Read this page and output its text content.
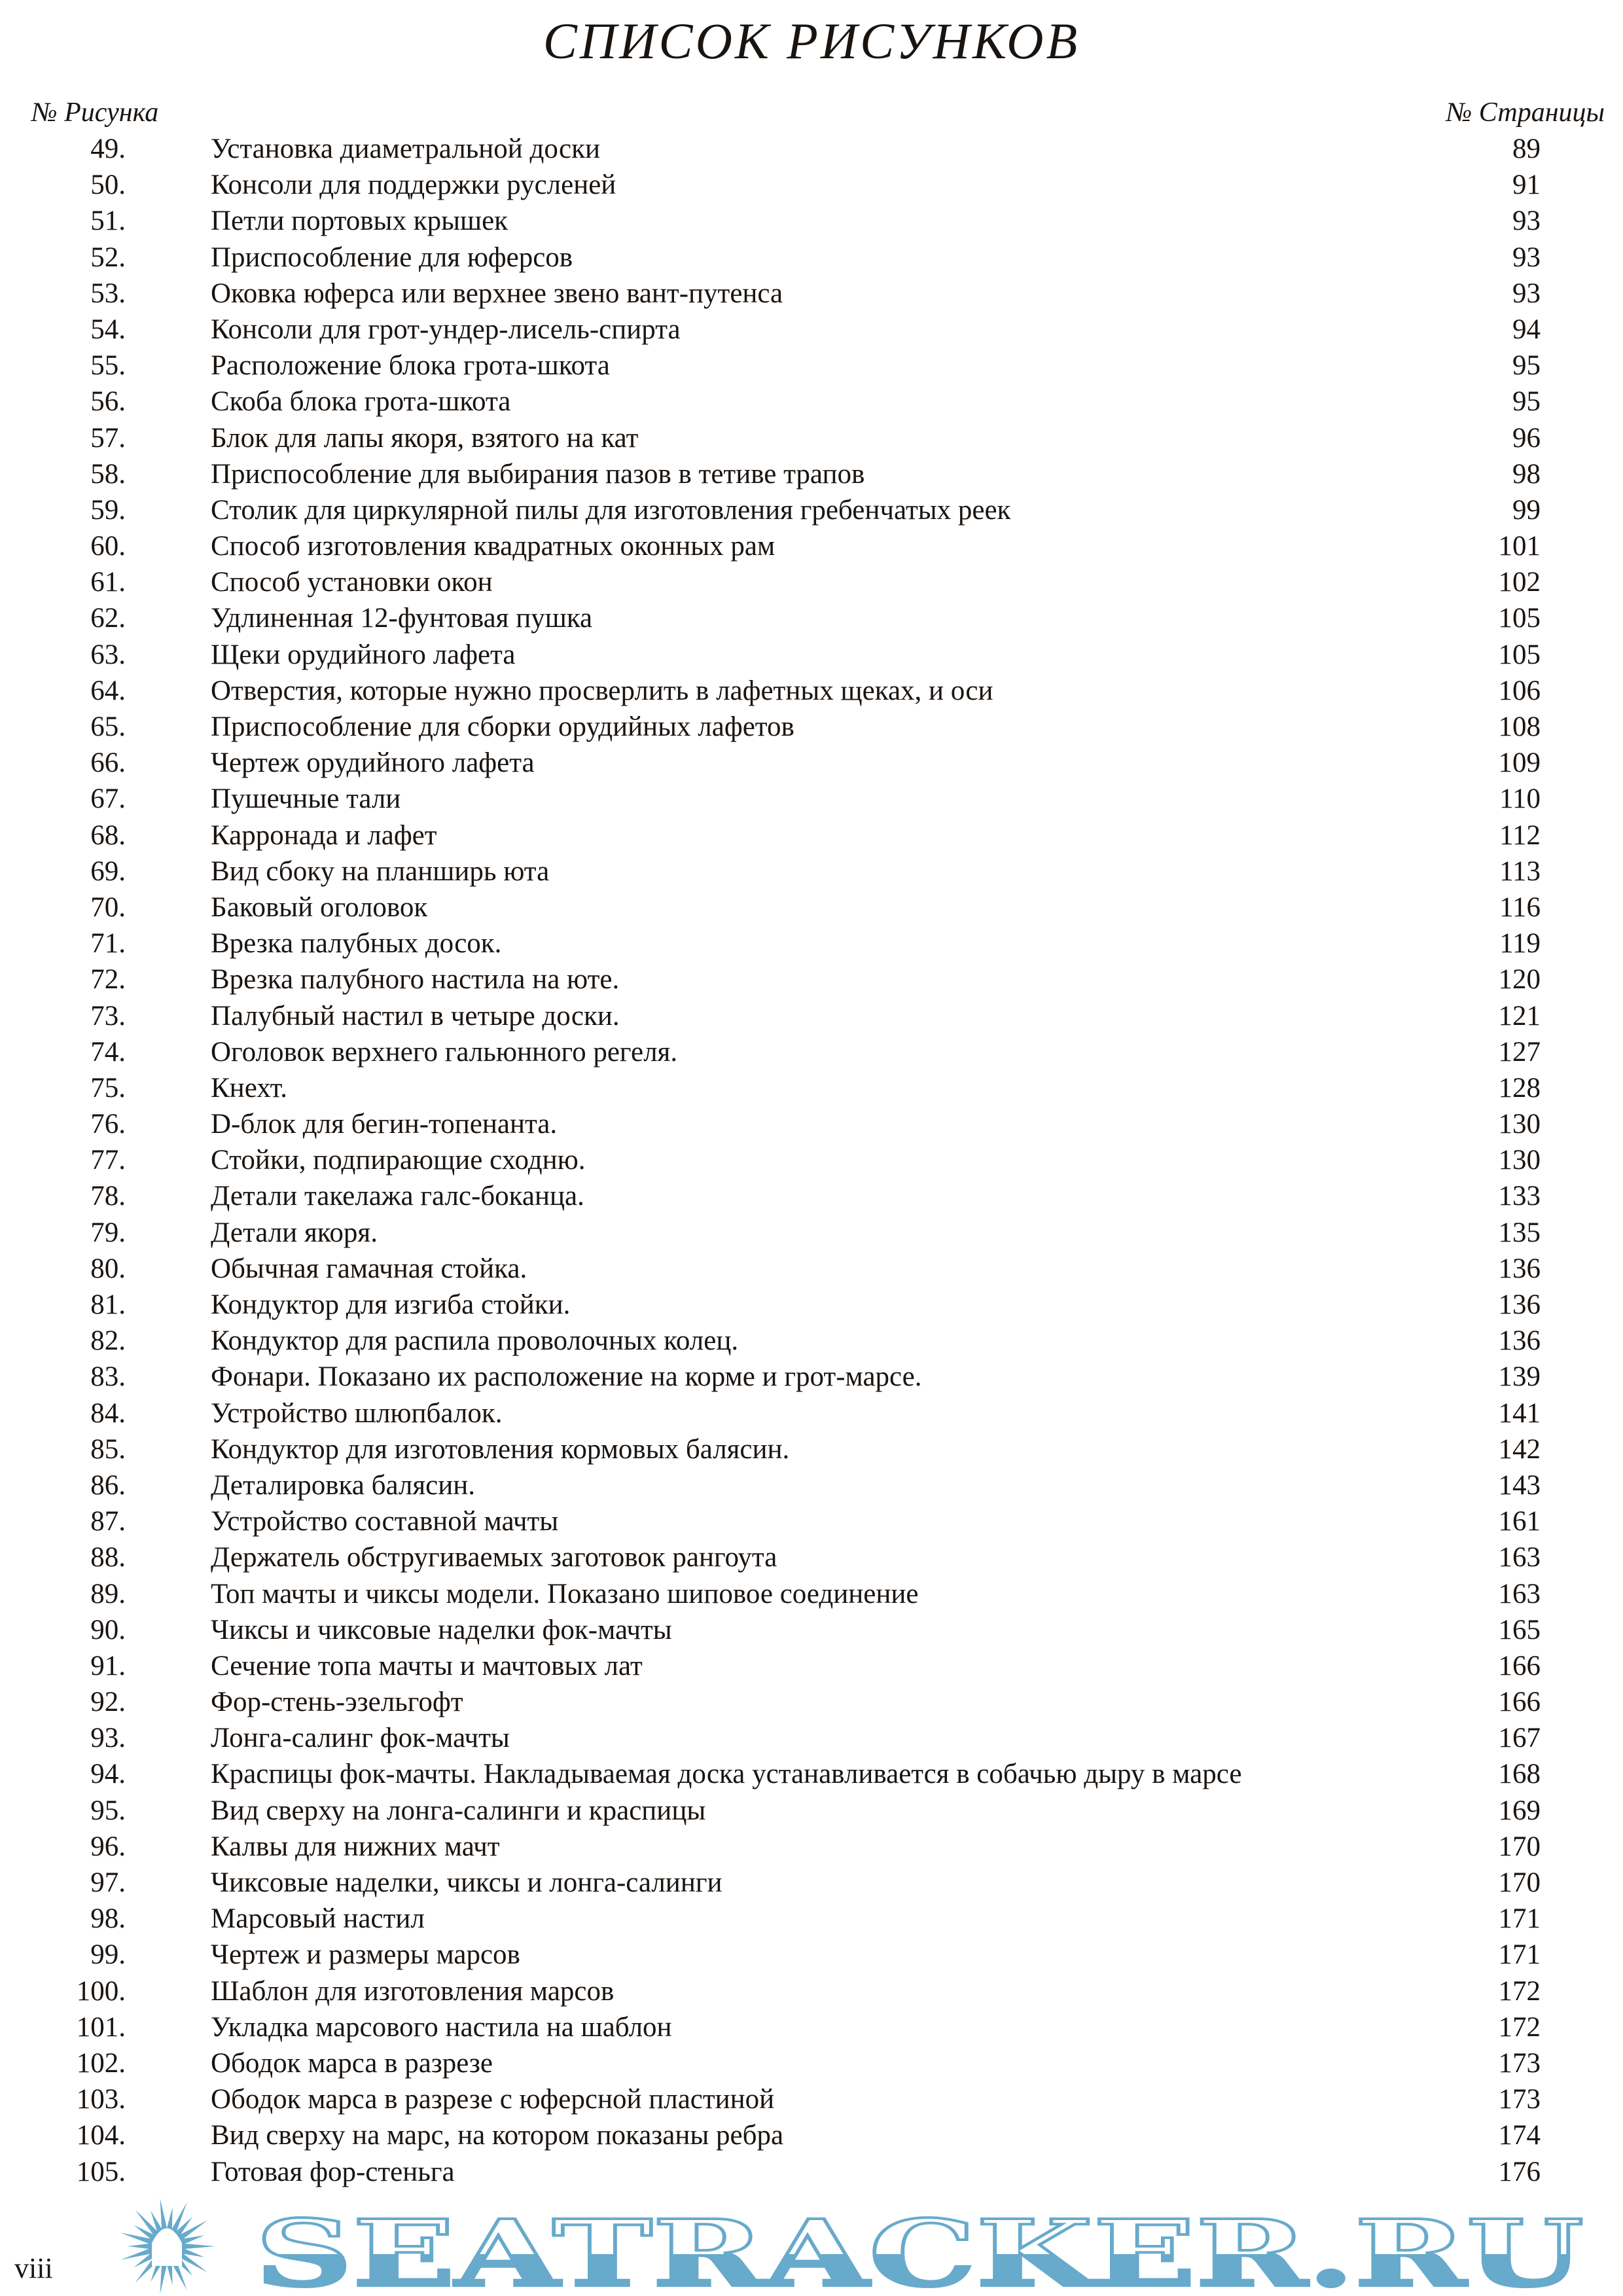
СПИСОК РИСУНКОВ
№ Рисунка	№ Страницы
49.	Установка диаметральной доски	89
50.	Консоли для поддержки русленей	91
51.	Петли портовых крышек	93
52.	Приспособление для юферсов	93
53.	Оковка юферса или верхнее звено вант-путенса	93
54.	Консоли для грот-ундер-лисель-спирта	94
55.	Расположение блока грота-шкота	95
56.	Скоба блока грота-шкота	95
57.	Блок для лапы якоря, взятого на кат	96
58.	Приспособление для выбирания пазов в тетиве трапов	98
59.	Столик для циркулярной пилы для изготовления гребенчатых реек	99
60.	Способ изготовления квадратных оконных рам	101
61.	Способ установки окон	102
62.	Удлиненная 12-фунтовая пушка	105
63.	Щеки орудийного лафета	105
64.	Отверстия, которые нужно просверлить в лафетных щеках, и оси	106
65.	Приспособление для сборки орудийных лафетов	108
66.	Чертеж орудийного лафета	109
67.	Пушечные тали	110
68.	Карронада и лафет	112
69.	Вид сбоку на планширь юта	113
70.	Баковый оголовок	116
71.	Врезка палубных досок.	119
72.	Врезка палубного настила на юте.	120
73.	Палубный настил в четыре доски.	121
74.	Оголовок верхнего гальюнного регеля.	127
75.	Кнехт.	128
76.	D-блок для бегин-топенанта.	130
77.	Стойки, подпирающие сходню.	130
78.	Детали такелажа галс-боканца.	133
79.	Детали якоря.	135
80.	Обычная гамачная стойка.	136
81.	Кондуктор для изгиба стойки.	136
82.	Кондуктор для распила проволочных колец.	136
83.	Фонари. Показано их расположение на корме и грот-марсе.	139
84.	Устройство шлюпбалок.	141
85.	Кондуктор для изготовления кормовых балясин.	142
86.	Деталировка балясин.	143
87.	Устройство составной мачты	161
88.	Держатель обстругиваемых заготовок рангоута	163
89.	Топ мачты и чиксы модели. Показано шиповое соединение	163
90.	Чиксы и чиксовые наделки фок-мачты	165
91.	Сечение топа мачты и мачтовых лат	166
92.	Фор-стень-эзельгофт	166
93.	Лонга-салинг фок-мачты	167
94.	Краспицы фок-мачты. Накладываемая доска устанавливается в собачью дыру в марсе	168
95.	Вид сверху на лонга-салинги и краспицы	169
96.	Калвы для нижних мачт	170
97.	Чиксовые наделки, чиксы и лонга-салинги	170
98.	Марсовый настил	171
99.	Чертеж и размеры марсов	171
100.	Шаблон для изготовления марсов	172
101.	Укладка марсового настила на шаблон	172
102.	Ободок марса в разрезе	173
103.	Ободок марса в разрезе с юферсной пластиной	173
104.	Вид сверху на марс, на котором показаны ребра	174
105.	Готовая фор-стеньга	176
viii SEATRACKER.RU
